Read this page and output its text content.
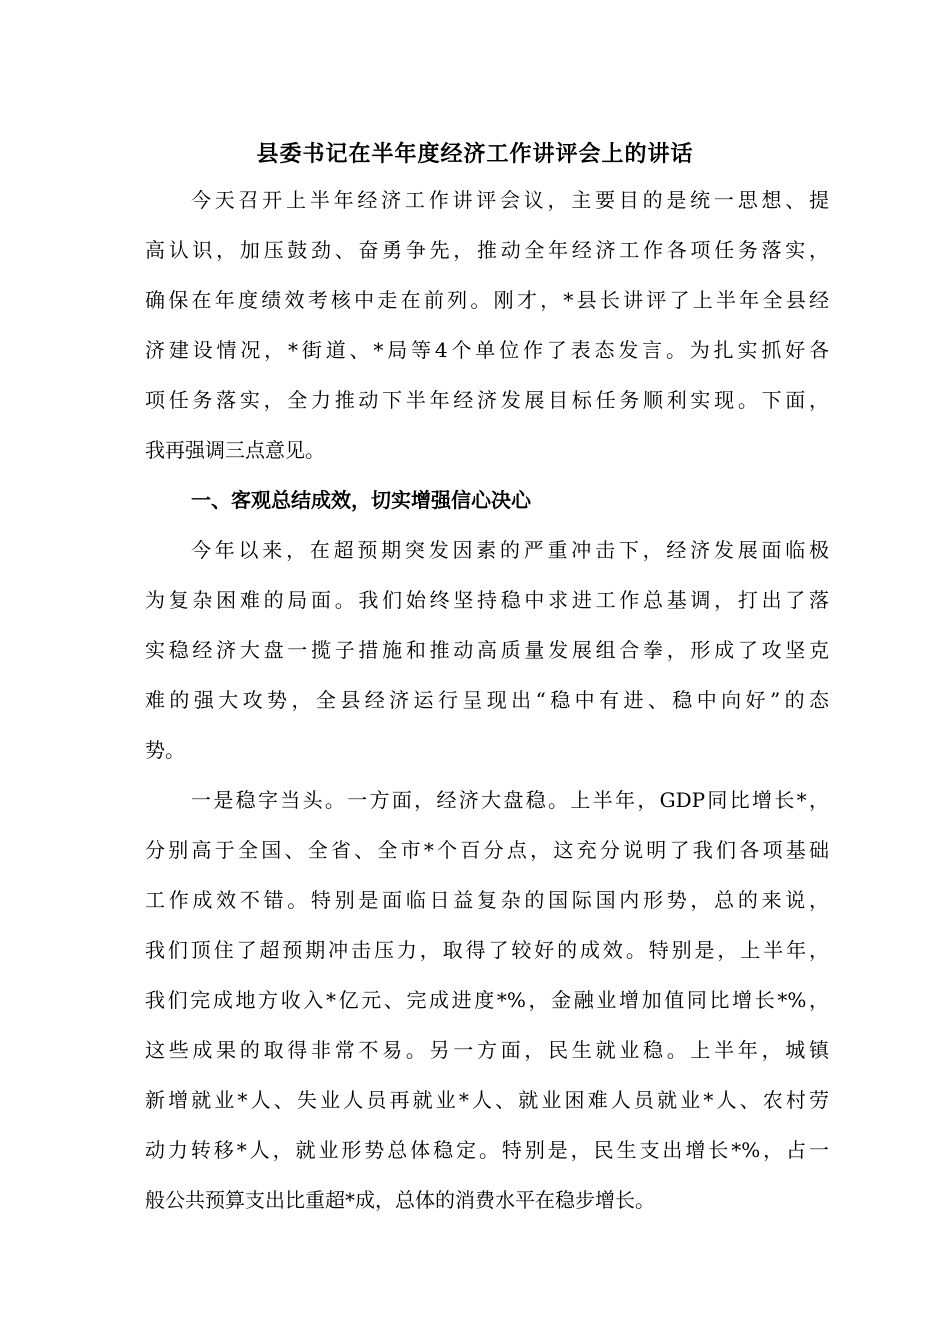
县委书记在半年度经济工作讲评会上的讲话

今天召开上半年经济工作讲评会议，主要目的是统一思想、提

高认识，加压鼓劲、奋勇争先，推动全年经济工作各项任务落实，

确保在年度绩效考核中走在前列。刚才，*县长讲评了上半年全县经

济建设情况，*街道、*局等4个单位作了表态发言。为扎实抓好各

项任务落实，全力推动下半年经济发展目标任务顺利实现。下面，

我再强调三点意见。

一、客观总结成效，切实增强信心决心

今年以来，在超预期突发因素的严重冲击下，经济发展面临极

为复杂困难的局面。我们始终坚持稳中求进工作总基调，打出了落

实稳经济大盘一揽子措施和推动高质量发展组合拳，形成了攻坚克

难的强大攻势，全县经济运行呈现出“稳中有进、稳中向好”的态

势。

一是稳字当头。一方面，经济大盘稳。上半年，GDP同比增长*，

分别高于全国、全省、全市*个百分点，这充分说明了我们各项基础

工作成效不错。特别是面临日益复杂的国际国内形势，总的来说，

我们顶住了超预期冲击压力，取得了较好的成效。特别是，上半年，

我们完成地方收入*亿元、完成进度*%，金融业增加值同比增长*%，

这些成果的取得非常不易。另一方面，民生就业稳。上半年，城镇

新增就业*人、失业人员再就业*人、就业困难人员就业*人、农村劳

动力转移*人，就业形势总体稳定。特别是，民生支出增长*%，占一

般公共预算支出比重超*成，总体的消费水平在稳步增长。
